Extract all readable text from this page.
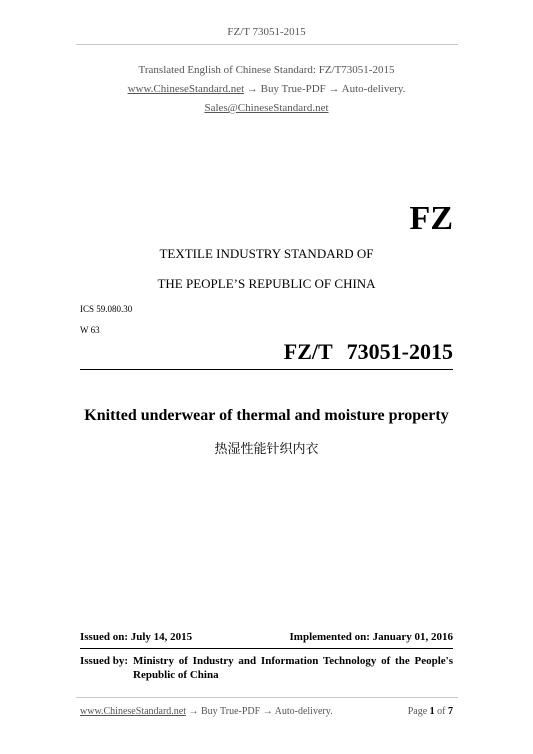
FZ/T 73051-2015
Translated English of Chinese Standard: FZ/T73051-2015
www.ChineseStandard.net → Buy True-PDF → Auto-delivery.
Sales@ChineseStandard.net
FZ
TEXTILE INDUSTRY STANDARD OF
THE PEOPLE’S REPUBLIC OF CHINA
ICS 59.080.30
W 63
FZ/T 73051-2015
Knitted underwear of thermal and moisture property
热湿性能针织内衣
Issued on: July 14, 2015	Implemented on: January 01, 2016
Issued by: Ministry of Industry and Information Technology of the People's
Republic of China
www.ChineseStandard.net → Buy True-PDF → Auto-delivery.	Page 1 of 7
